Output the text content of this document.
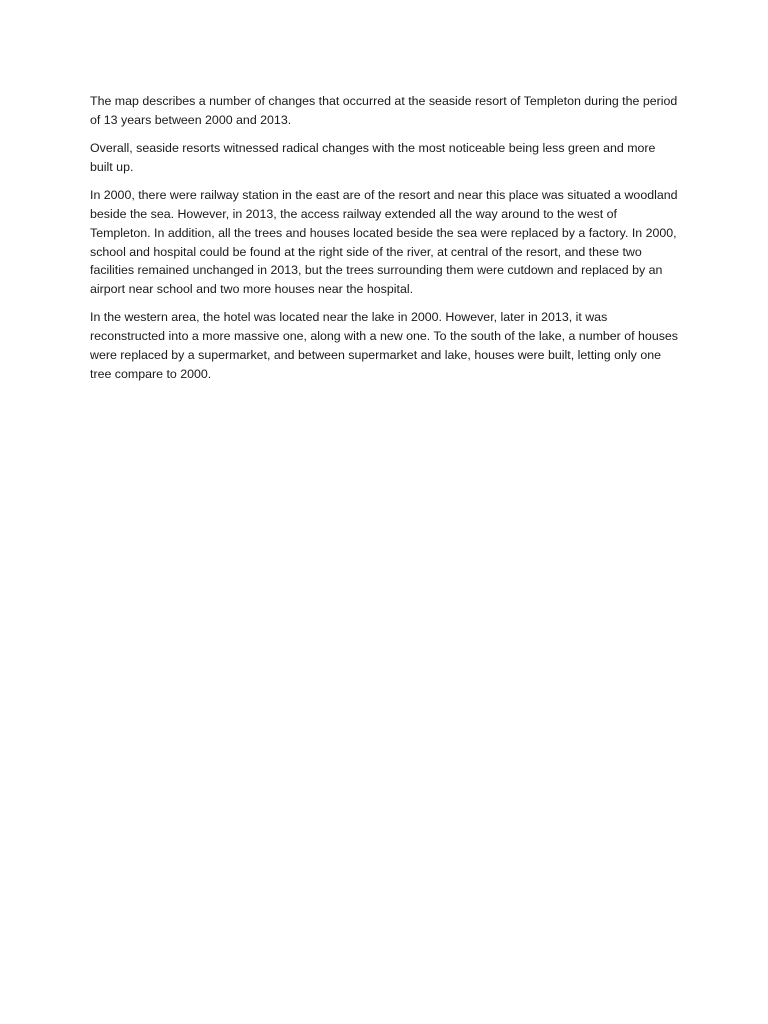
The map describes a number of changes that occurred at the seaside resort of Templeton during the period of 13 years between 2000 and 2013.

Overall, seaside resorts witnessed radical changes with the most noticeable being less green and more built up.

In 2000, there were railway station in the east are of the resort and near this place was situated a woodland beside the sea. However, in 2013, the access railway extended all the way around to the west of Templeton. In addition, all the trees and houses located beside the sea were replaced by a factory. In 2000, school and hospital could be found at the right side of the river, at central of the resort, and these two facilities remained unchanged in 2013, but the trees surrounding them were cutdown and replaced by an airport near school and two more houses near the hospital.

In the western area, the hotel was located near the lake in 2000. However, later in 2013, it was reconstructed into a more massive one, along with a new one. To the south of the lake, a number of houses were replaced by a supermarket, and between supermarket and lake, houses were built, letting only one tree compare to 2000.
